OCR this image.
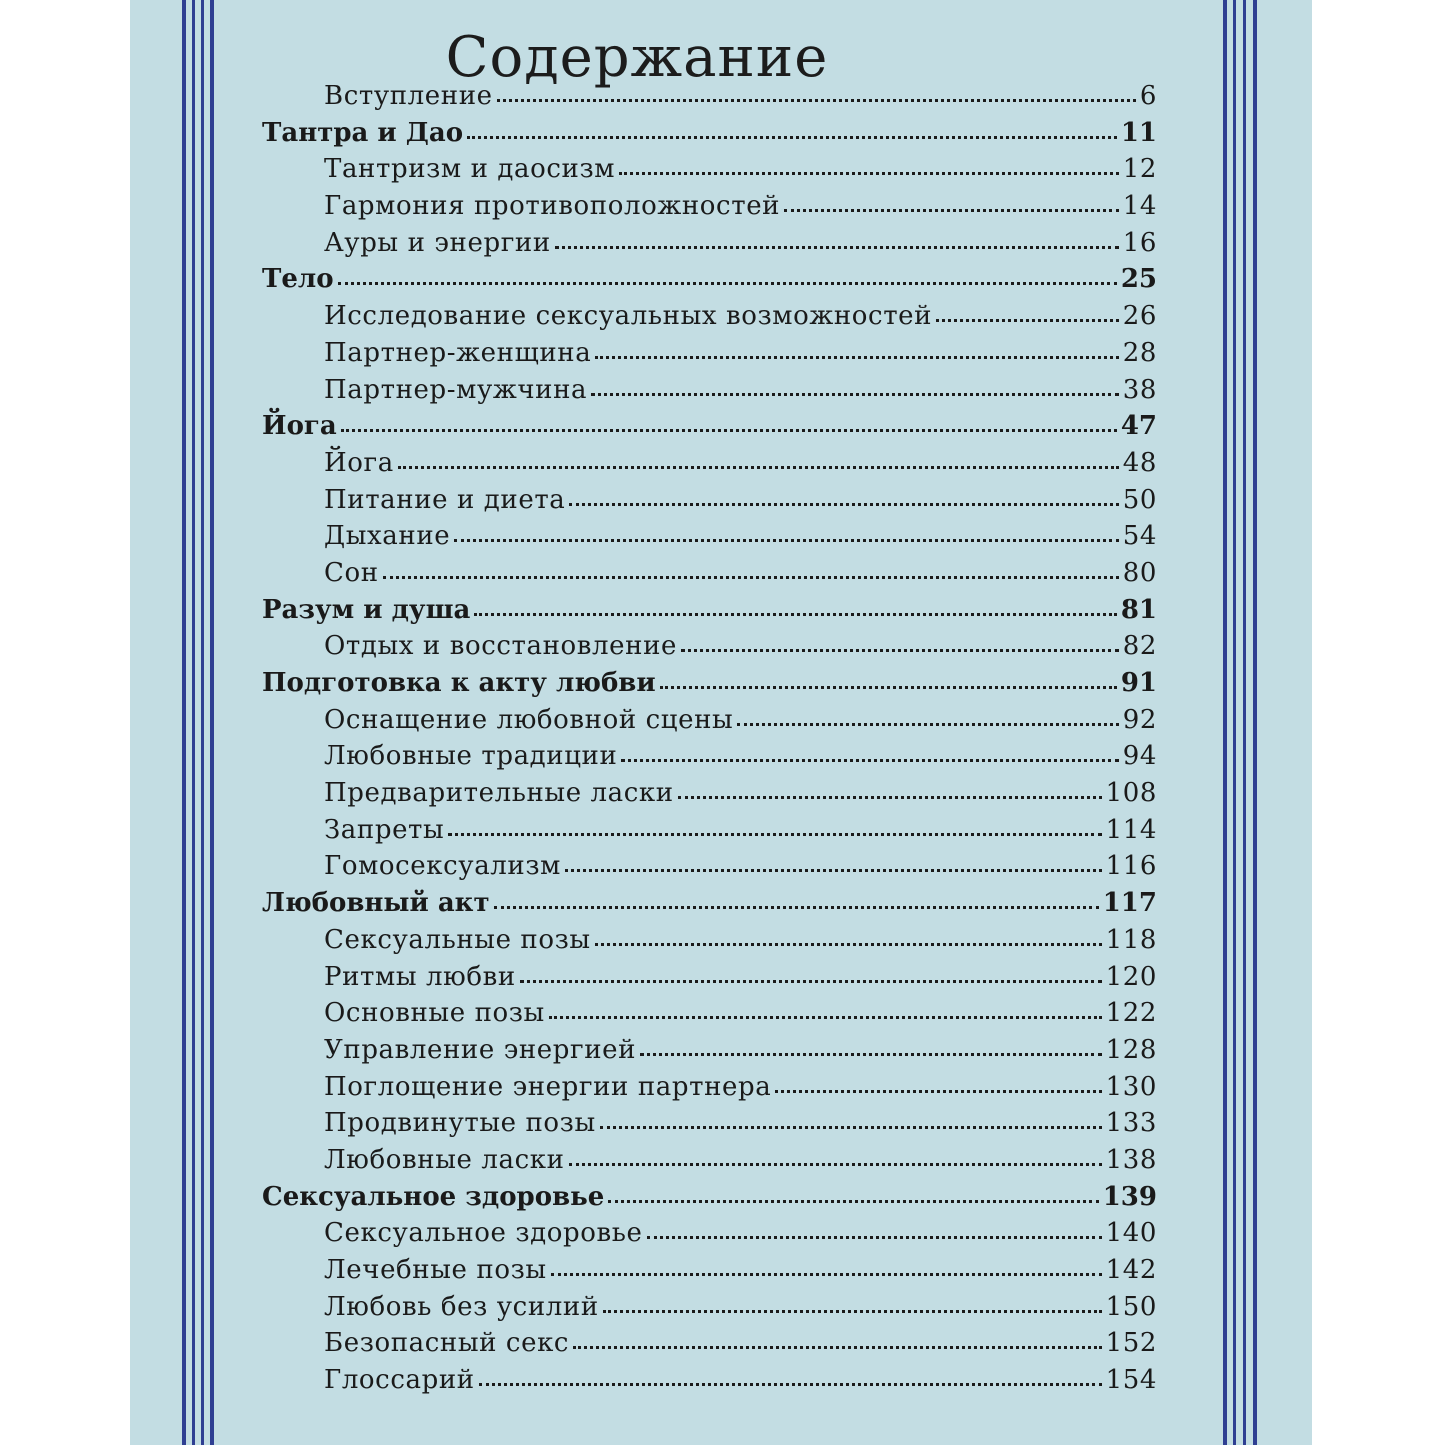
Содержание
Вступление	6
Тантра и Дао	11
Тантризм и даосизм	12
Гармония противоположностей	14
Ауры и энергии	16
Тело	25
Исследование сексуальных возможностей	26
Партнер-женщина	28
Партнер-мужчина	38
Йога	47
Йога	48
Питание и диета	50
Дыхание	54
Сон	80
Разум и душа	81
Отдых и восстановление	82
Подготовка к акту любви	91
Оснащение любовной сцены	92
Любовные традиции	94
Предварительные ласки	108
Запреты	114
Гомосексуализм	116
Любовный акт	117
Сексуальные позы	118
Ритмы любви	120
Основные позы	122
Управление энергией	128
Поглощение энергии партнера	130
Продвинутые позы	133
Любовные ласки	138
Сексуальное здоровье	139
Сексуальное здоровье	140
Лечебные позы	142
Любовь без усилий	150
Безопасный секс	152
Глоссарий	154
